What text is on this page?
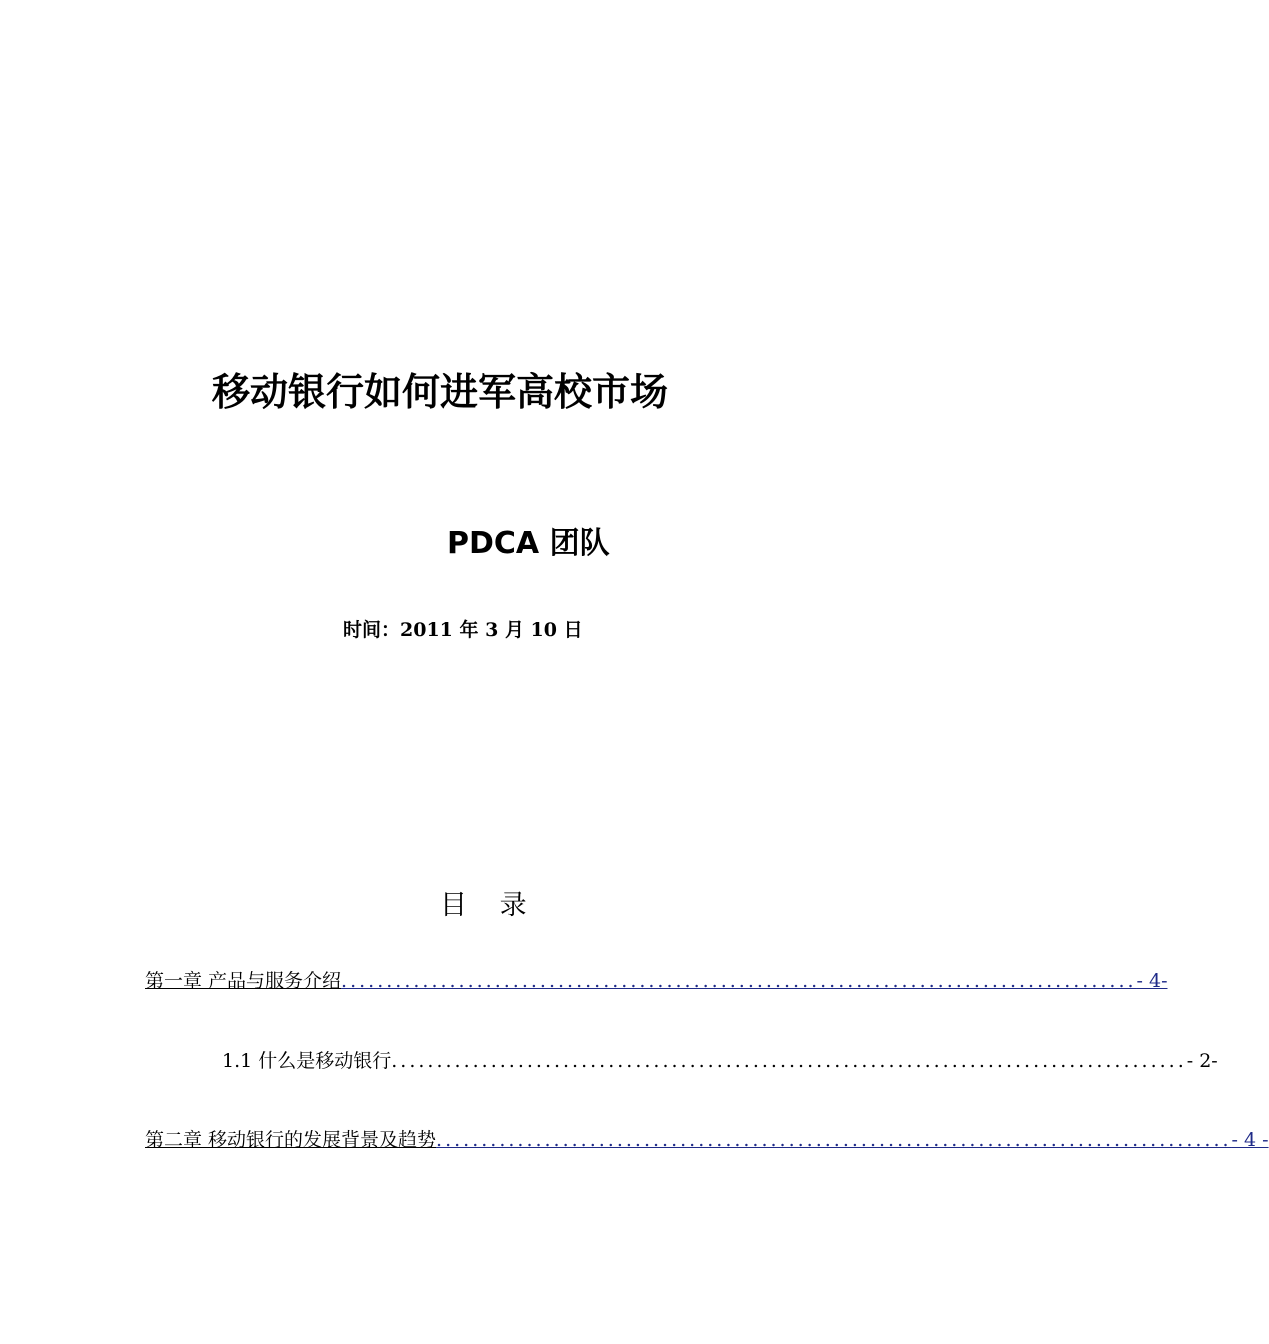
移动银行如何进军高校市场
PDCA 团队
时间：2011 年 3 月 10 日
目 录
第一章 产品与服务介绍 ........................................................................................ - 4-
1.1 什么是移动银行 ........................................................................................ - 2-
第二章 移动银行的发展背景及趋势 ........................................................................................ - 4 -
